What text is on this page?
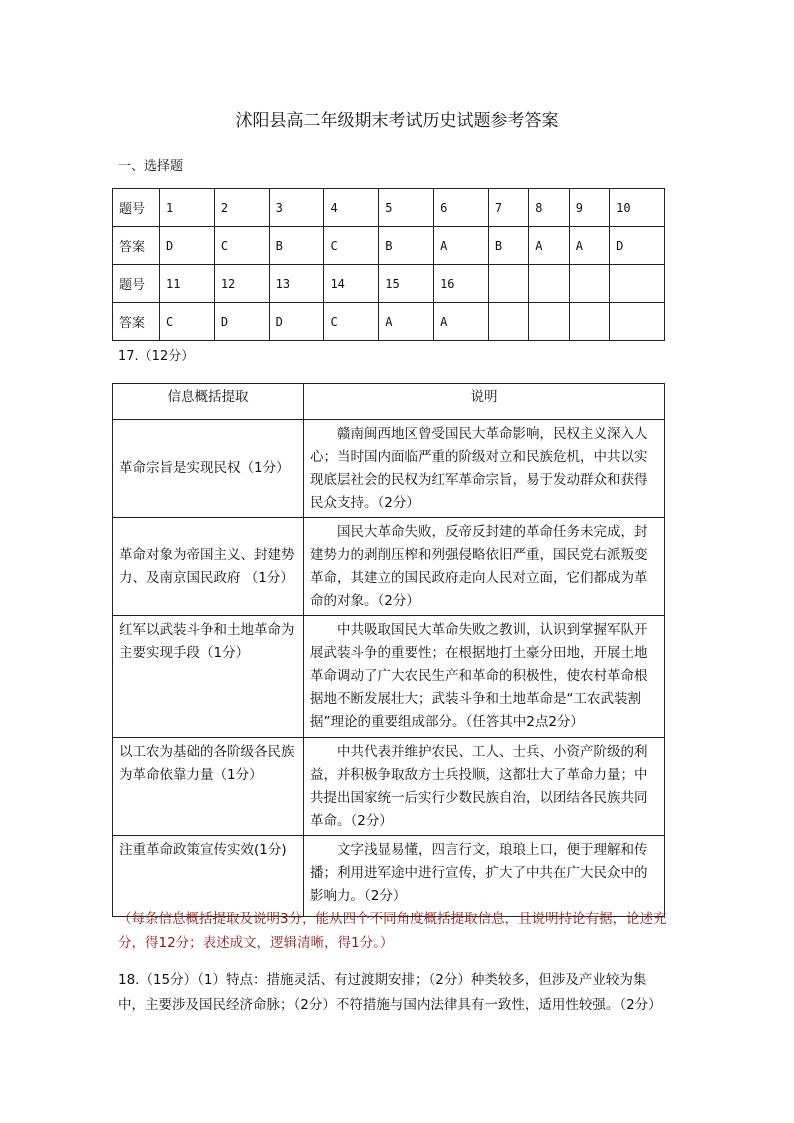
沭阳县高二年级期末考试历史试题参考答案
一、选择题
题号	1	2	3	4	5	6	7	8	9	10
答案	D	C	B	C	B	A	B	A	A	D
题号	11	12	13	14	15	16				
答案	C	D	D	C	A	A				
17.（12分）
信息概括提取	说明
革命宗旨是实现民权（1分）	赣南闽西地区曾受国民大革命影响，民权主义深入人心；当时国内面临严重的阶级对立和民族危机，中共以实现底层社会的民权为红军革命宗旨，易于发动群众和获得民众支持。（2分）
革命对象为帝国主义、封建势力、及南京国民政府 （1分）	国民大革命失败，反帝反封建的革命任务未完成，封建势力的剥削压榨和列强侵略依旧严重，国民党右派叛变革命，其建立的国民政府走向人民对立面，它们都成为革命的对象。（2分）
红军以武装斗争和土地革命为主要实现手段（1分）	中共吸取国民大革命失败之教训，认识到掌握军队开展武装斗争的重要性；在根据地打土豪分田地，开展土地革命调动了广大农民生产和革命的积极性，使农村革命根据地不断发展壮大；武装斗争和土地革命是“工农武装割据”理论的重要组成部分。（任答其中2点2分）
以工农为基础的各阶级各民族为革命依靠力量（1分）	中共代表并维护农民、工人、士兵、小资产阶级的利益，并积极争取敌方士兵投顺，这都壮大了革命力量；中共提出国家统一后实行少数民族自治，以团结各民族共同革命。（2分）
注重革命政策宣传实效(1分)	文字浅显易懂，四言行文，琅琅上口，便于理解和传播；利用进军途中进行宣传，扩大了中共在广大民众中的影响力。（2分）
（每条信息概括提取及说明3分，能从四个不同角度概括提取信息，且说明持论有据，论述充分，得12分；表述成文，逻辑清晰，得1分。）
18.（15分）（1）特点：措施灵活、有过渡期安排；（2分）种类较多，但涉及产业较为集中，主要涉及国民经济命脉；（2分）不符措施与国内法律具有一致性，适用性较强。（2分）
